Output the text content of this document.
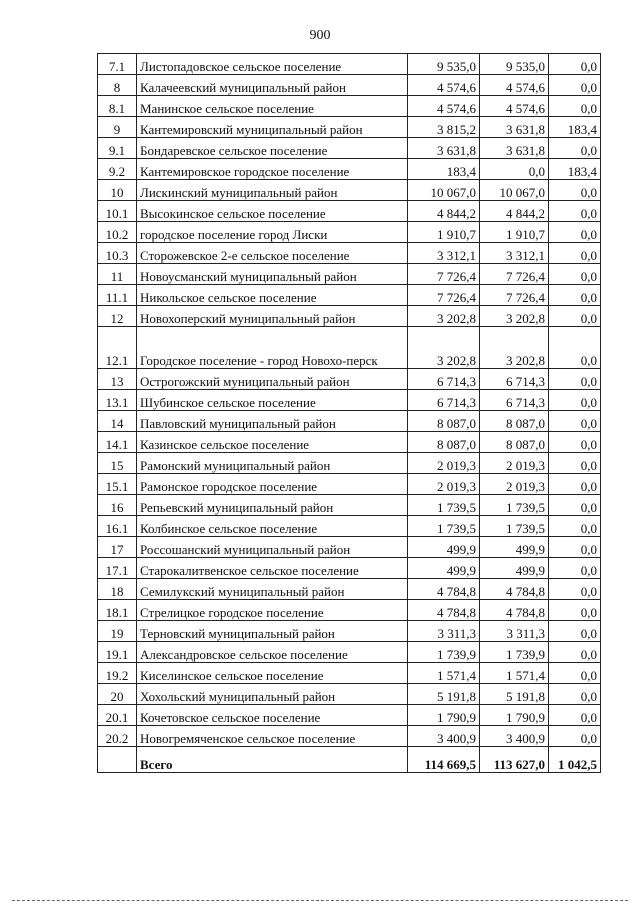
900
7.1	Листопадовское сельское поселение	9 535,0	9 535,0	0,0
8	Калачеевский муниципальный район	4 574,6	4 574,6	0,0
8.1	Манинское сельское поселение	4 574,6	4 574,6	0,0
9	Кантемировский муниципальный район	3 815,2	3 631,8	183,4
9.1	Бондаревское сельское поселение	3 631,8	3 631,8	0,0
9.2	Кантемировское городское поселение	183,4	0,0	183,4
10	Лискинский муниципальный район	10 067,0	10 067,0	0,0
10.1	Высокинское сельское поселение	4 844,2	4 844,2	0,0
10.2	городское поселение город Лиски	1 910,7	1 910,7	0,0
10.3	Сторожевское 2-е сельское поселение	3 312,1	3 312,1	0,0
11	Новоусманский муниципальный район	7 726,4	7 726,4	0,0
11.1	Никольское сельское поселение	7 726,4	7 726,4	0,0
12	Новохоперский муниципальный район	3 202,8	3 202,8	0,0
12.1	Городское поселение - город Новохо-перск	3 202,8	3 202,8	0,0
13	Острогожский муниципальный район	6 714,3	6 714,3	0,0
13.1	Шубинское сельское поселение	6 714,3	6 714,3	0,0
14	Павловский муниципальный район	8 087,0	8 087,0	0,0
14.1	Казинское сельское поселение	8 087,0	8 087,0	0,0
15	Рамонский муниципальный район	2 019,3	2 019,3	0,0
15.1	Рамонское городское поселение	2 019,3	2 019,3	0,0
16	Репьевский муниципальный район	1 739,5	1 739,5	0,0
16.1	Колбинское сельское поселение	1 739,5	1 739,5	0,0
17	Россошанский муниципальный район	499,9	499,9	0,0
17.1	Старокалитвенское сельское поселение	499,9	499,9	0,0
18	Семилукский муниципальный район	4 784,8	4 784,8	0,0
18.1	Стрелицкое городское поселение	4 784,8	4 784,8	0,0
19	Терновский муниципальный район	3 311,3	3 311,3	0,0
19.1	Александровское сельское поселение	1 739,9	1 739,9	0,0
19.2	Киселинское сельское поселение	1 571,4	1 571,4	0,0
20	Хохольский муниципальный район	5 191,8	5 191,8	0,0
20.1	Кочетовское сельское поселение	1 790,9	1 790,9	0,0
20.2	Новогремяченское сельское поселение	3 400,9	3 400,9	0,0
	Всего	114 669,5	113 627,0	1 042,5
